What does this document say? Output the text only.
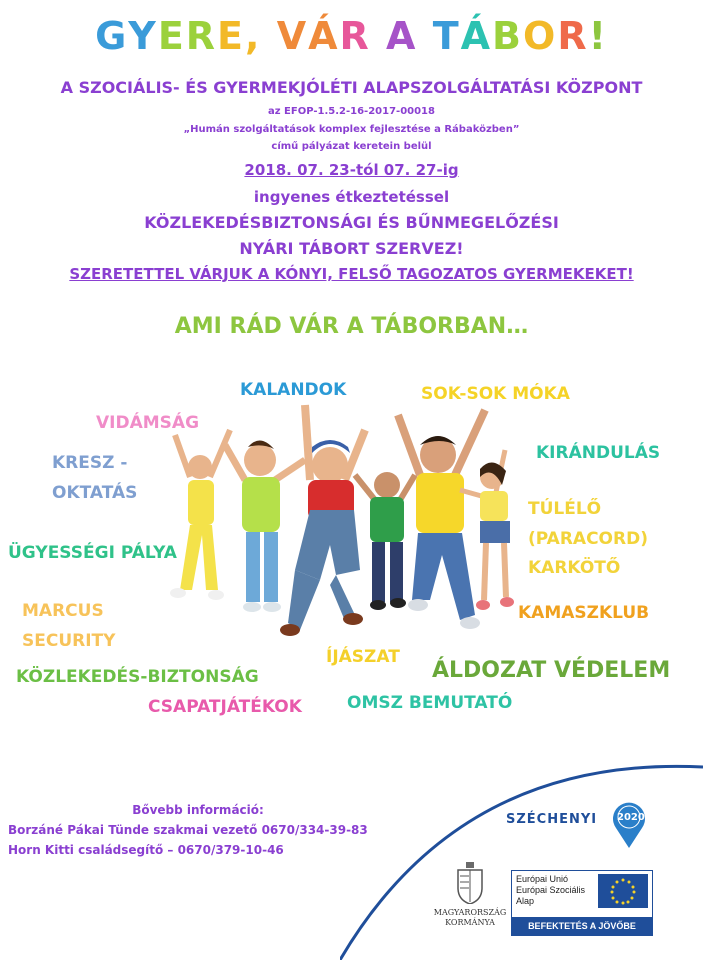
GYERE, VÁR A TÁBOR!
A SZOCIÁLIS- ÉS GYERMEKJÓLÉTI ALAPSZOLGÁLTATÁSI KÖZPONT
az EFOP-1.5.2-16-2017-00018
„Humán szolgáltatások komplex fejlesztése a Rábaközben”
című pályázat keretein belül
2018. 07. 23-tól 07. 27-ig
ingyenes étkeztetéssel
KÖZLEKEDÉSBIZTONSÁGI ÉS BŰNMEGELŐZÉSI
NYÁRI TÁBORT SZERVEZ!
SZERETETTEL VÁRJUK A KÓNYI, FELSŐ TAGOZATOS GYERMEKEKET!
AMI RÁD VÁR A TÁBORBAN…
KALANDOK	SOK-SOK MÓKA
VIDÁMSÁG
KRESZ -	KIRÁNDULÁS
OKTATÁS
TÚLÉLŐ
ÜGYESSÉGI PÁLYA
(PARACORD)
KARKÖTŐ
MARCUS	KAMASZKLUB
SECURITY
ÍJÁSZAT
KÖZLEKEDÉS-BIZTONSÁG	ÁLDOZAT VÉDELEM
CSAPATJÁTÉKOK	OMSZ BEMUTATÓ
Bővebb információ:
Borzáné Pákai Tünde szakmai vezető 0670/334-39-83
Horn Kitti családsegítő – 0670/379-10-46
SZÉCHENYI 2020
MAGYARORSZÁG
KORMÁNYA
Európai Unió
Európai Szociális
Alap
BEFEKTETÉS A JÖVŐBE
